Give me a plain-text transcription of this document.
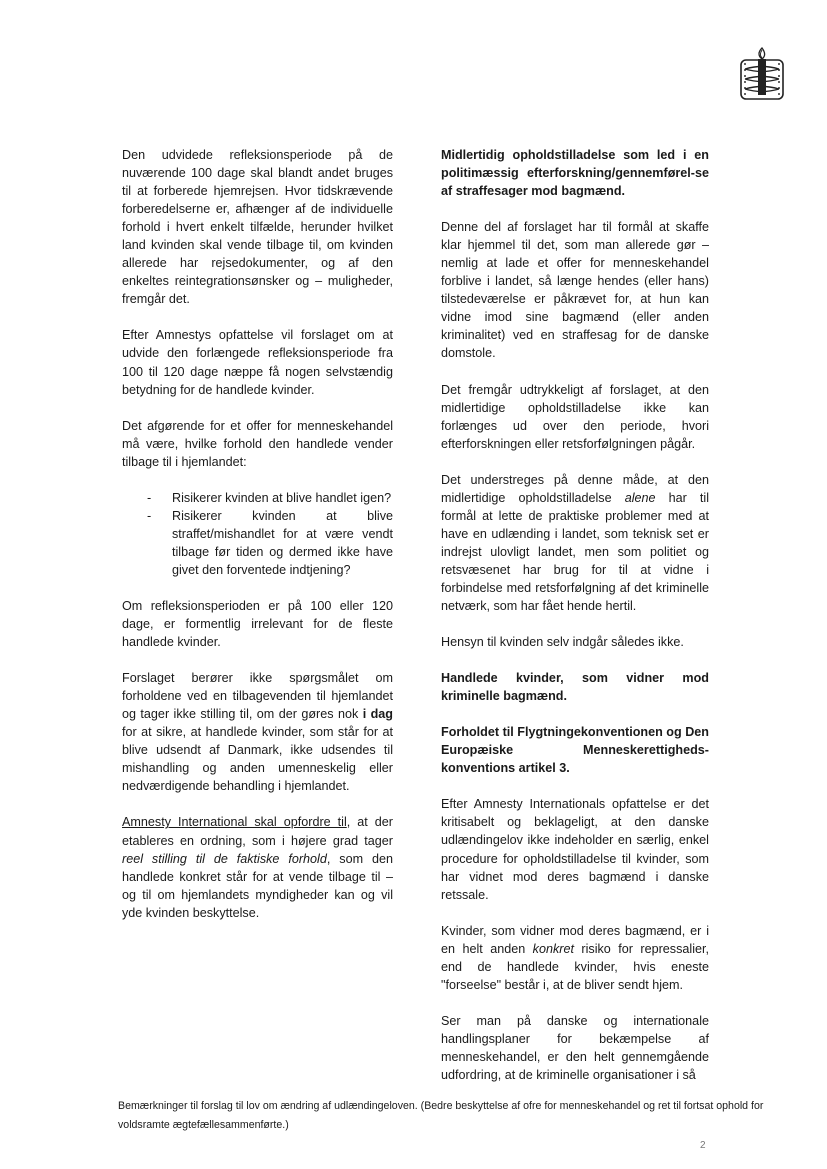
Den udvidede refleksionsperiode på de nuværende 100 dage skal blandt andet bruges til at forberede hjemrejsen. Hvor tidskrævende forberedelserne er, afhænger af de individuelle forhold i hvert enkelt tilfælde, herunder hvilket land kvinden skal vende tilbage til, om kvinden allerede har rejsedokumenter, og af den enkeltes reintegrationsønsker og – muligheder, fremgår det.

Efter Amnestys opfattelse vil forslaget om at udvide den forlængede refleksionsperiode fra 100 til 120 dage næppe få nogen selvstændig betydning for de handlede kvinder.

Det afgørende for et offer for menneskehandel må være, hvilke forhold den handlede vender tilbage til i hjemlandet:

- Risikerer kvinden at blive handlet igen?
- Risikerer kvinden at blive straffet/mishandlet for at være vendt tilbage før tiden og dermed ikke have givet den forventede indtjening?

Om refleksionsperioden er på 100 eller 120 dage, er formentlig irrelevant for de fleste handlede kvinder.

Forslaget berører ikke spørgsmålet om forholdene ved en tilbagevenden til hjemlandet og tager ikke stilling til, om der gøres nok i dag for at sikre, at handlede kvinder, som står for at blive udsendt af Danmark, ikke udsendes til mishandling og anden umenneskelig eller nedværdigende behandling i hjemlandet.

Amnesty International skal opfordre til, at der etableres en ordning, som i højere grad tager reel stilling til de faktiske forhold, som den handlede konkret står for at vende tilbage til – og til om hjemlandets myndigheder kan og vil yde kvinden beskyttelse.

Midlertidig opholdstilladelse som led i en politimæssig efterforskning/gennemførel-se af straffesager mod bagmænd.

Denne del af forslaget har til formål at skaffe klar hjemmel til det, som man allerede gør – nemlig at lade et offer for menneskehandel forblive i landet, så længe hendes (eller hans) tilstedeværelse er påkrævet for, at hun kan vidne imod sine bagmænd (eller anden kriminalitet) ved en straffesag for de danske domstole.

Det fremgår udtrykkeligt af forslaget, at den midlertidige opholdstilladelse ikke kan forlænges ud over den periode, hvori efterforskningen eller retsforfølgningen pågår.

Det understreges på denne måde, at den midlertidige opholdstilladelse alene har til formål at lette de praktiske problemer med at have en udlænding i landet, som teknisk set er indrejst ulovligt landet, men som politiet og retsvæsenet har brug for til at vidne i forbindelse med retsforfølgning af det kriminelle netværk, som har fået hende hertil.

Hensyn til kvinden selv indgår således ikke.

Handlede kvinder, som vidner mod kriminelle bagmænd.

Forholdet til Flygtningekonventionen og Den Europæiske Menneskerettigheds-konventions artikel 3.

Efter Amnesty Internationals opfattelse er det kritisabelt og beklageligt, at den danske udlændingelov ikke indeholder en særlig, enkel procedure for opholdstilladelse til kvinder, som har vidnet mod deres bagmænd i danske retssale.

Kvinder, som vidner mod deres bagmænd, er i en helt anden konkret risiko for repressalier, end de handlede kvinder, hvis eneste "forseelse" består i, at de bliver sendt hjem.

Ser man på danske og internationale handlingsplaner for bekæmpelse af menneskehandel, er den helt gennemgående udfordring, at de kriminelle organisationer i så

Bemærkninger til forslag til lov om ændring af udlændingeloven. (Bedre beskyttelse af ofre for menneskehandel og ret til fortsat ophold for voldsramte ægtefællesammenførte.)
2
